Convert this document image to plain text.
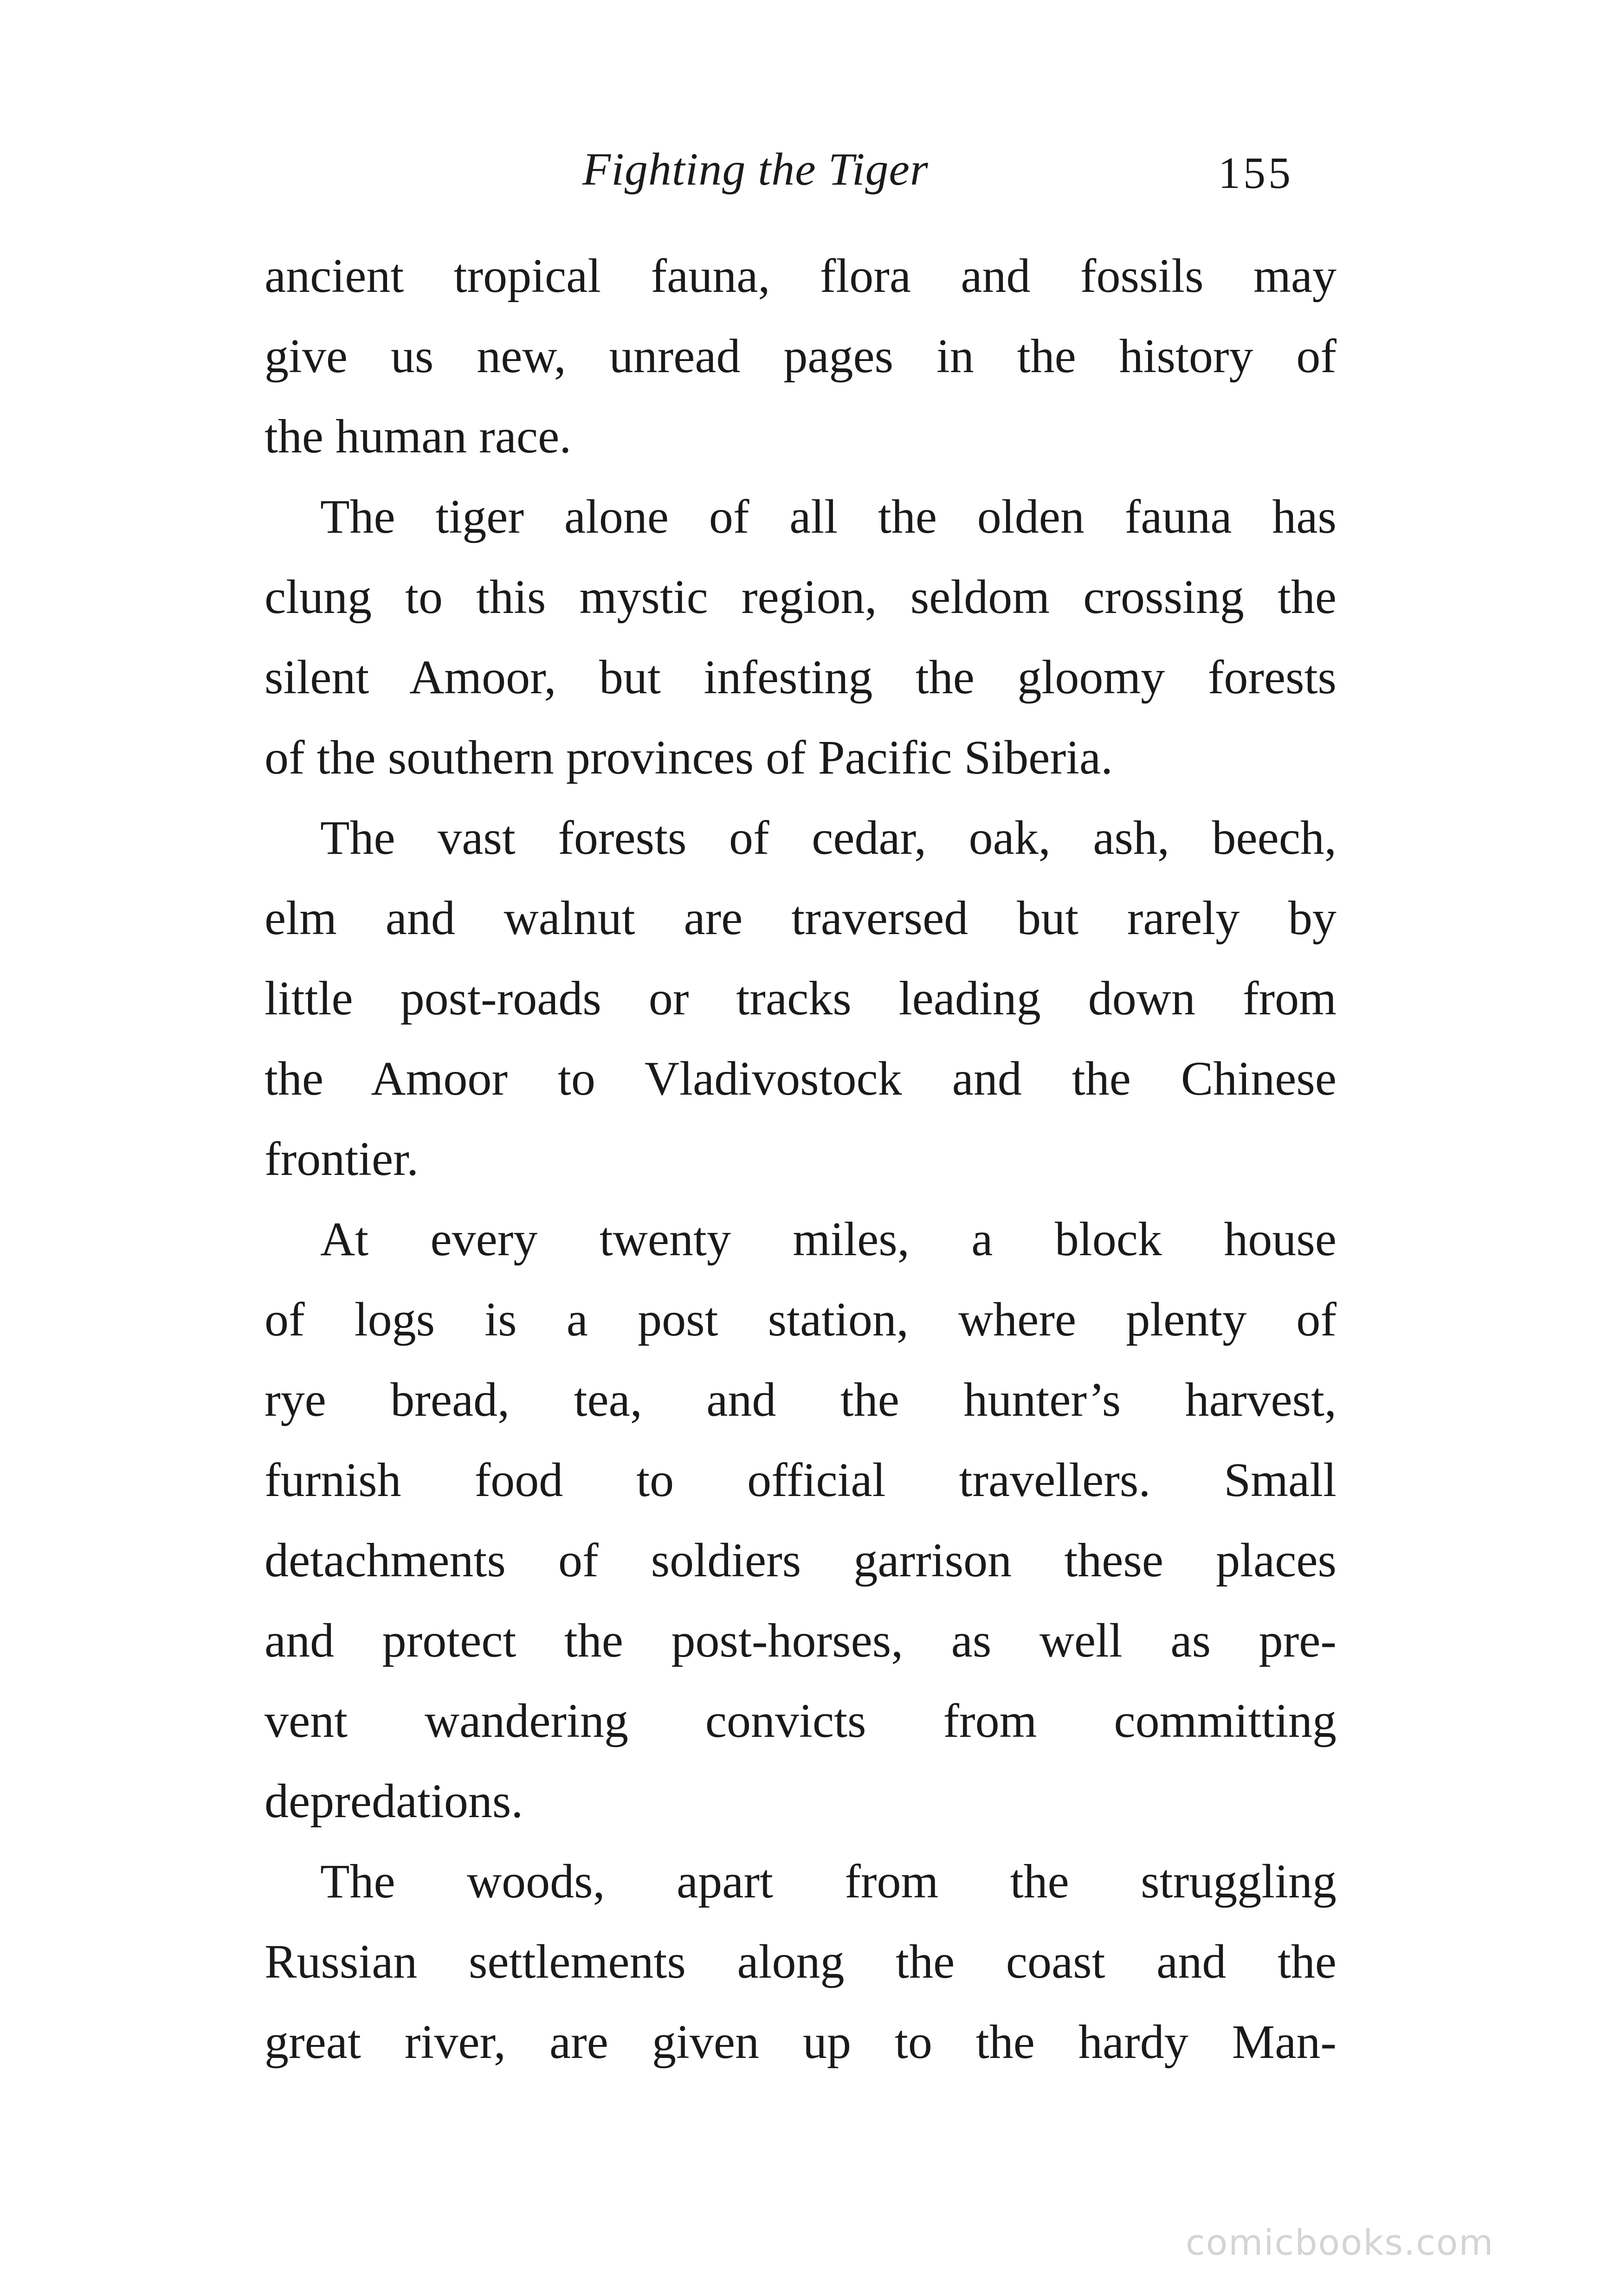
Fighting the Tiger	155
ancient tropical fauna, flora and fossils may
give us new, unread pages in the history of
the human race.
The tiger alone of all the olden fauna has
clung to this mystic region, seldom crossing the
silent Amoor, but infesting the gloomy forests
of the southern provinces of Pacific Siberia.
The vast forests of cedar, oak, ash, beech,
elm and walnut are traversed but rarely by
little post-roads or tracks leading down from
the Amoor to Vladivostock and the Chinese
frontier.
At every twenty miles, a block house
of logs is a post station, where plenty of
rye bread, tea, and the hunter’s harvest,
furnish food to official travellers. Small
detachments of soldiers garrison these places
and protect the post-horses, as well as pre-
vent wandering convicts from committing
depredations.
The woods, apart from the struggling
Russian settlements along the coast and the
great river, are given up to the hardy Man-
comicbooks.com
